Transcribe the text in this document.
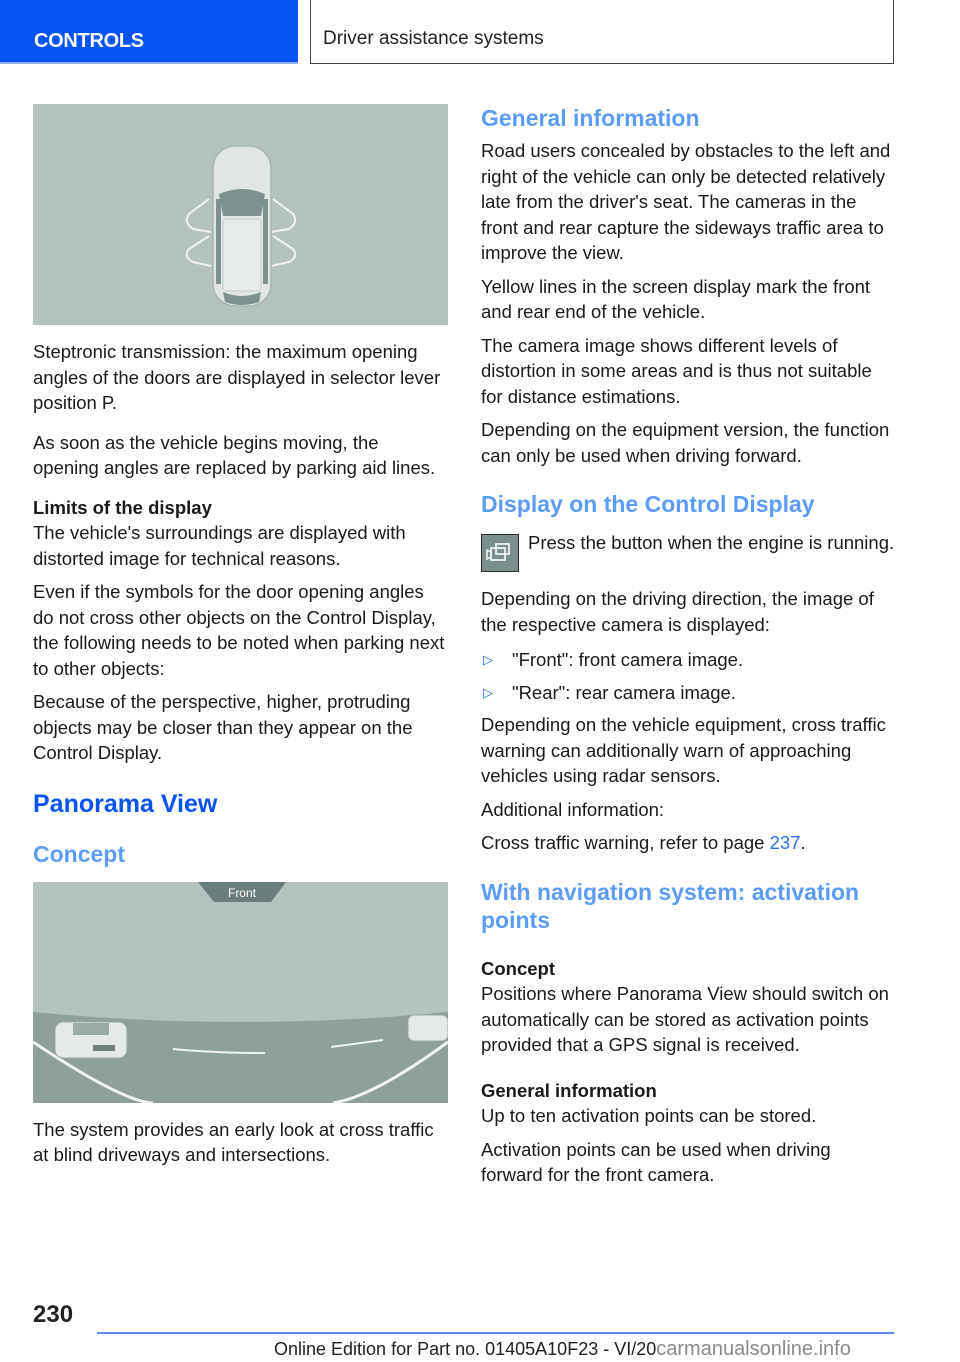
CONTROLS	Driver assistance systems

Steptronic transmission: the maximum opening angles of the doors are displayed in selector lever position P.

As soon as the vehicle begins moving, the opening angles are replaced by parking aid lines.

Limits of the display

The vehicle's surroundings are displayed with distorted image for technical reasons.

Even if the symbols for the door opening angles do not cross other objects on the Control Display, the following needs to be noted when parking next to other objects:

Because of the perspective, higher, protruding objects may be closer than they appear on the Control Display.

Panorama View
Concept
Front

The system provides an early look at cross traffic at blind driveways and intersections.

General information

Road users concealed by obstacles to the left and right of the vehicle can only be detected relatively late from the driver's seat. The cameras in the front and rear capture the sideways traffic area to improve the view.

Yellow lines in the screen display mark the front and rear end of the vehicle.

The camera image shows different levels of distortion in some areas and is thus not suitable for distance estimations.

Depending on the equipment version, the function can only be used when driving forward.

Display on the Control Display

Press the button when the engine is running.

Depending on the driving direction, the image of the respective camera is displayed:

▷	"Front": front camera image.
▷	"Rear": rear camera image.

Depending on the vehicle equipment, cross traffic warning can additionally warn of approaching vehicles using radar sensors.

Additional information:

Cross traffic warning, refer to page 237.

With navigation system: activation points

Concept

Positions where Panorama View should switch on automatically can be stored as activation points provided that a GPS signal is received.

General information

Up to ten activation points can be stored.

Activation points can be used when driving forward for the front camera.

230
Online Edition for Part no. 01405A10F23 - VI/20carmanualsonline.info
